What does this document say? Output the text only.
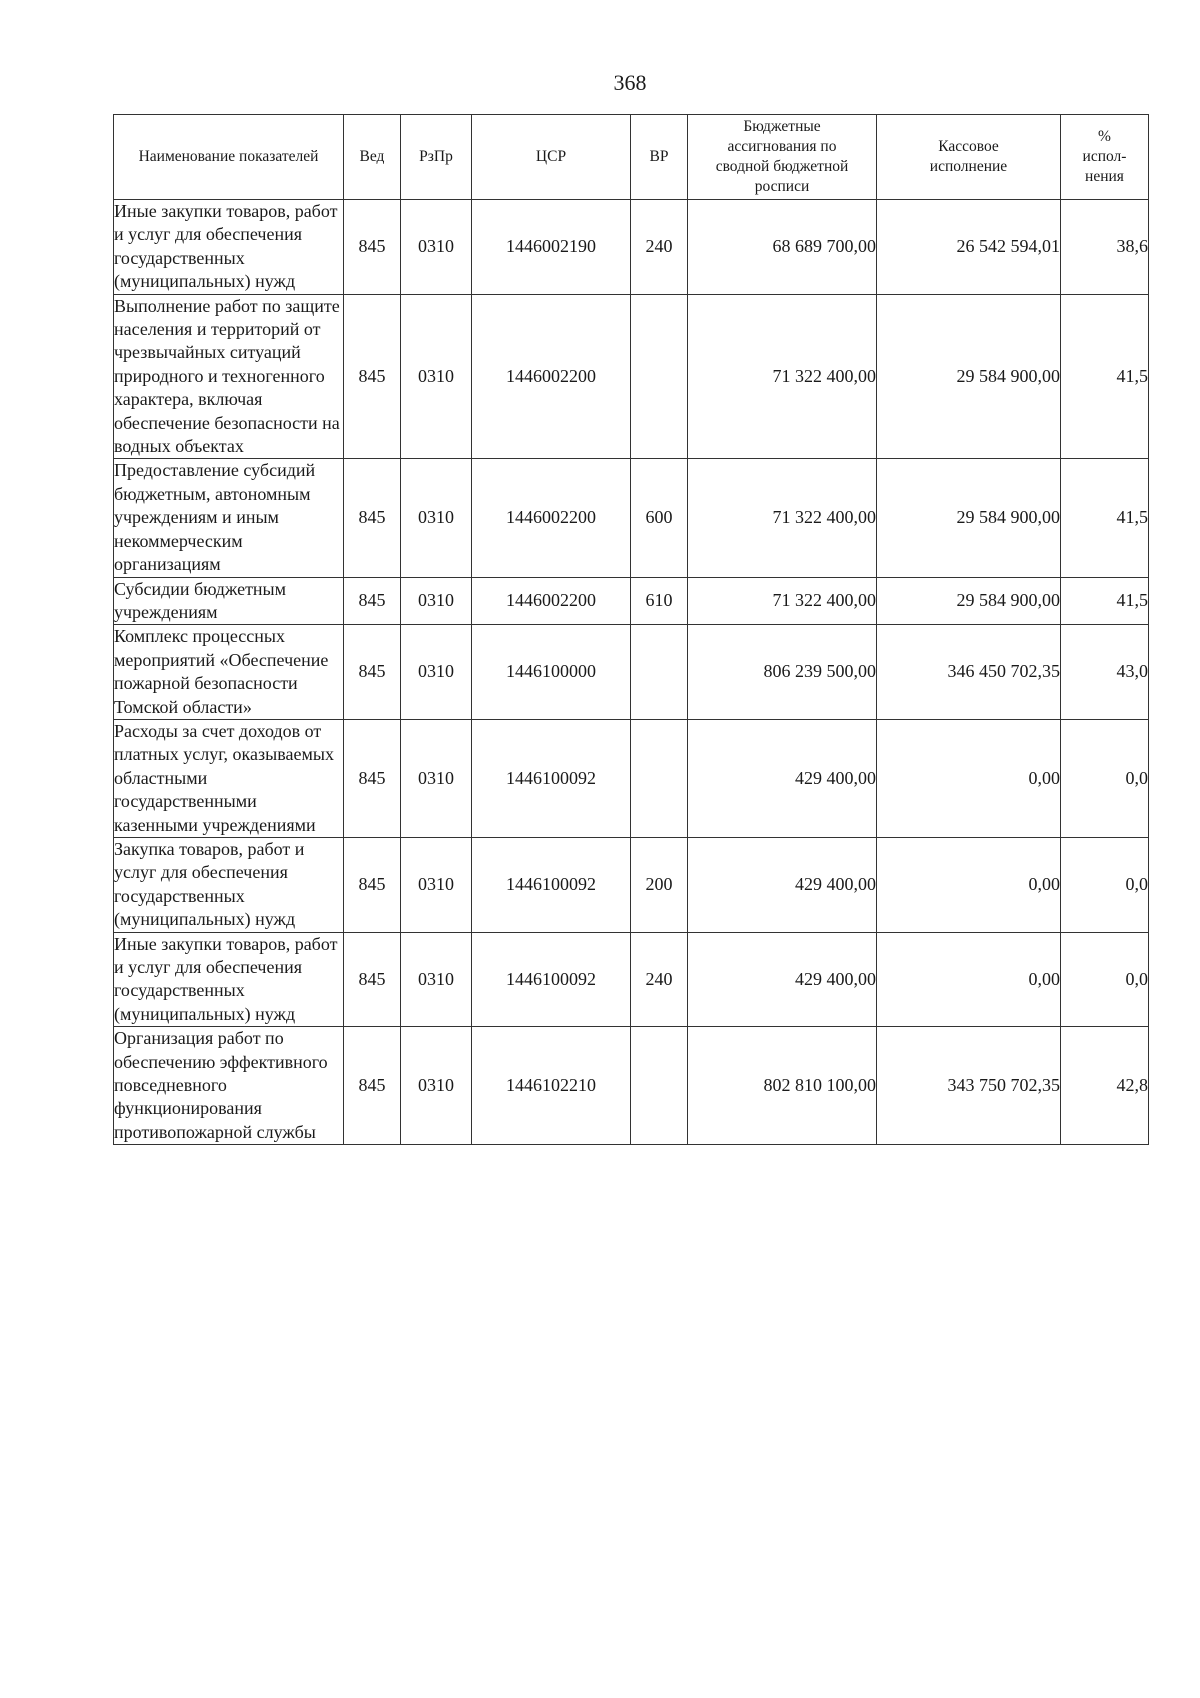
368
Наименование показателей	Вед	РзПр	ЦСР	ВР	Бюджетные ассигнования по сводной бюджетной росписи	Кассовое исполнение	% испол-нения
Иные закупки товаров, работ и услуг для обеспечения государственных (муниципальных) нужд	845	0310	1446002190	240	68 689 700,00	26 542 594,01	38,6
Выполнение работ по защите населения и территорий от чрезвычайных ситуаций природного и техногенного характера, включая обеспечение безопасности на водных объектах	845	0310	1446002200		71 322 400,00	29 584 900,00	41,5
Предоставление субсидий бюджетным, автономным учреждениям и иным некоммерческим организациям	845	0310	1446002200	600	71 322 400,00	29 584 900,00	41,5
Субсидии бюджетным учреждениям	845	0310	1446002200	610	71 322 400,00	29 584 900,00	41,5
Комплекс процессных мероприятий «Обеспечение пожарной безопасности Томской области»	845	0310	1446100000		806 239 500,00	346 450 702,35	43,0
Расходы за счет доходов от платных услуг, оказываемых областными государственными казенными учреждениями	845	0310	1446100092		429 400,00	0,00	0,0
Закупка товаров, работ и услуг для обеспечения государственных (муниципальных) нужд	845	0310	1446100092	200	429 400,00	0,00	0,0
Иные закупки товаров, работ и услуг для обеспечения государственных (муниципальных) нужд	845	0310	1446100092	240	429 400,00	0,00	0,0
Организация работ по обеспечению эффективного повседневного функционирования противопожарной службы	845	0310	1446102210		802 810 100,00	343 750 702,35	42,8
